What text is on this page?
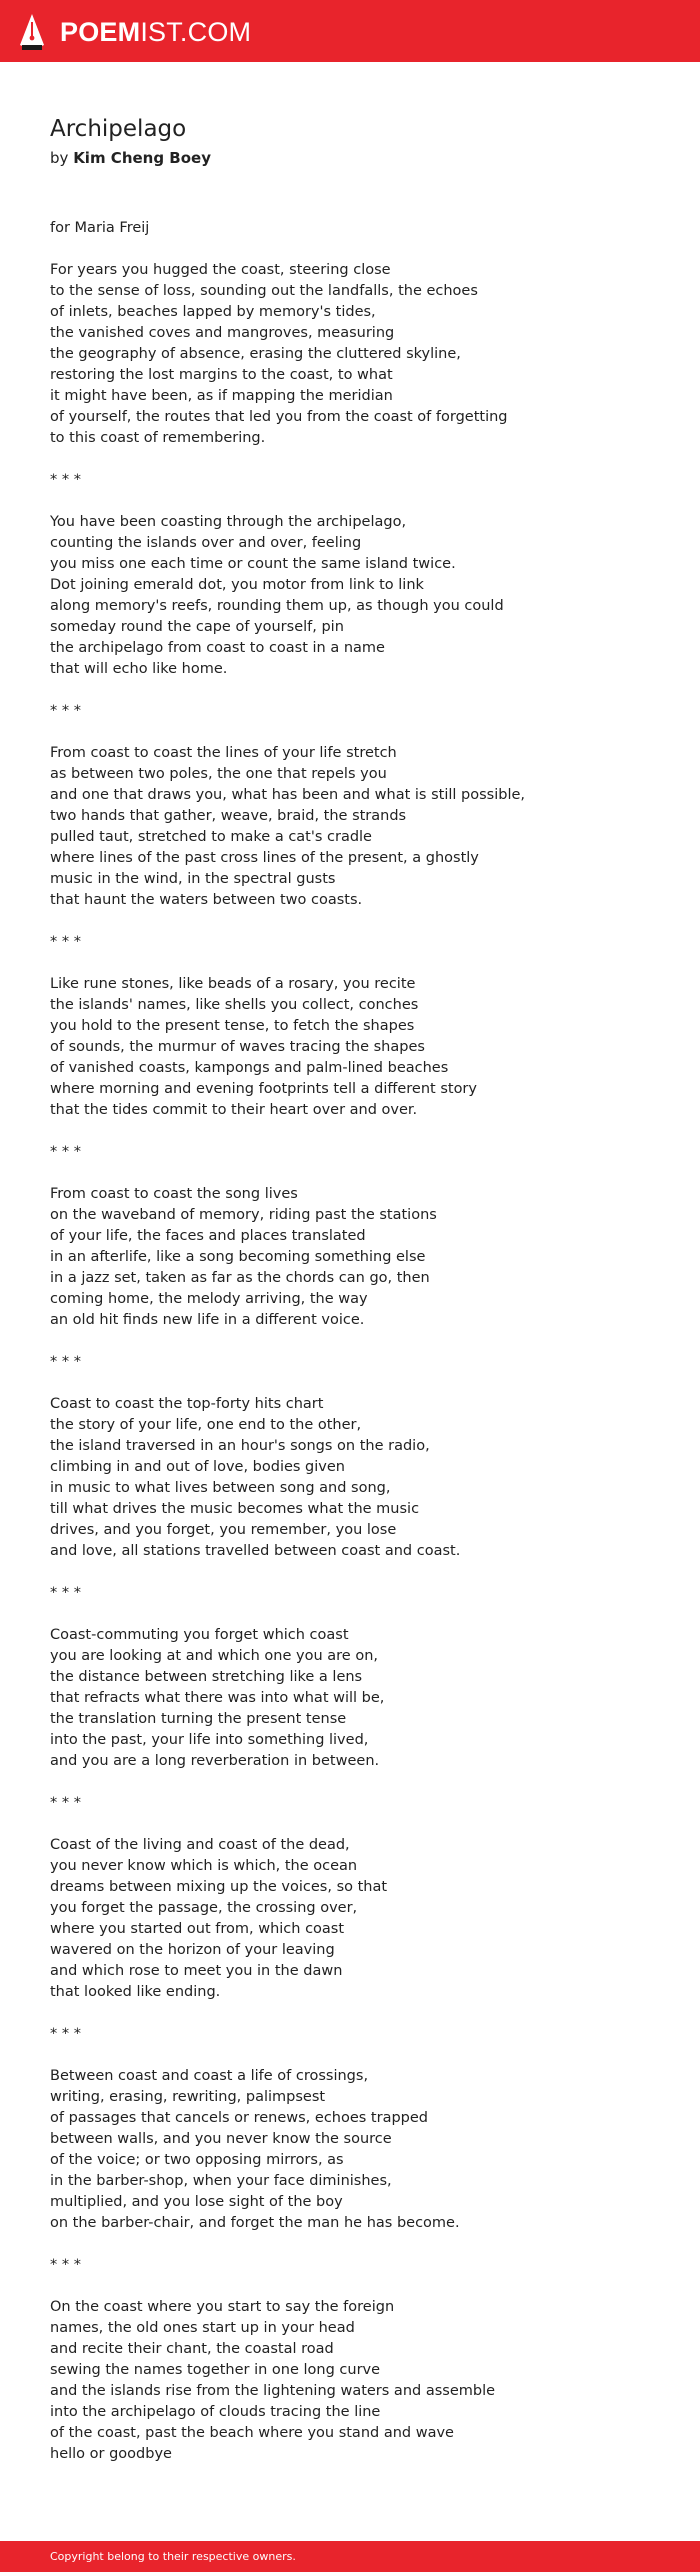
POEMIST.COM
Archipelago
by Kim Cheng Boey
for Maria Freij
For years you hugged the coast, steering close
to the sense of loss, sounding out the landfalls, the echoes
of inlets, beaches lapped by memory's tides,
the vanished coves and mangroves, measuring
the geography of absence, erasing the cluttered skyline,
restoring the lost margins to the coast, to what
it might have been, as if mapping the meridian
of yourself, the routes that led you from the coast of forgetting
to this coast of remembering.
* * *
You have been coasting through the archipelago,
counting the islands over and over, feeling
you miss one each time or count the same island twice.
Dot joining emerald dot, you motor from link to link
along memory's reefs, rounding them up, as though you could
someday round the cape of yourself, pin
the archipelago from coast to coast in a name
that will echo like home.
* * *
From coast to coast the lines of your life stretch
as between two poles, the one that repels you
and one that draws you, what has been and what is still possible,
two hands that gather, weave, braid, the strands
pulled taut, stretched to make a cat's cradle
where lines of the past cross lines of the present, a ghostly
music in the wind, in the spectral gusts
that haunt the waters between two coasts.
* * *
Like rune stones, like beads of a rosary, you recite
the islands' names, like shells you collect, conches
you hold to the present tense, to fetch the shapes
of sounds, the murmur of waves tracing the shapes
of vanished coasts, kampongs and palm-lined beaches
where morning and evening footprints tell a different story
that the tides commit to their heart over and over.
* * *
From coast to coast the song lives
on the waveband of memory, riding past the stations
of your life, the faces and places translated
in an afterlife, like a song becoming something else
in a jazz set, taken as far as the chords can go, then
coming home, the melody arriving, the way
an old hit finds new life in a different voice.
* * *
Coast to coast the top-forty hits chart
the story of your life, one end to the other,
the island traversed in an hour's songs on the radio,
climbing in and out of love, bodies given
in music to what lives between song and song,
till what drives the music becomes what the music
drives, and you forget, you remember, you lose
and love, all stations travelled between coast and coast.
* * *
Coast-commuting you forget which coast
you are looking at and which one you are on,
the distance between stretching like a lens
that refracts what there was into what will be,
the translation turning the present tense
into the past, your life into something lived,
and you are a long reverberation in between.
* * *
Coast of the living and coast of the dead,
you never know which is which, the ocean
dreams between mixing up the voices, so that
you forget the passage, the crossing over,
where you started out from, which coast
wavered on the horizon of your leaving
and which rose to meet you in the dawn
that looked like ending.
* * *
Between coast and coast a life of crossings,
writing, erasing, rewriting, palimpsest
of passages that cancels or renews, echoes trapped
between walls, and you never know the source
of the voice; or two opposing mirrors, as
in the barber-shop, when your face diminishes,
multiplied, and you lose sight of the boy
on the barber-chair, and forget the man he has become.
* * *
On the coast where you start to say the foreign
names, the old ones start up in your head
and recite their chant, the coastal road
sewing the names together in one long curve
and the islands rise from the lightening waters and assemble
into the archipelago of clouds tracing the line
of the coast, past the beach where you stand and wave
hello or goodbye
Copyright belong to their respective owners.
